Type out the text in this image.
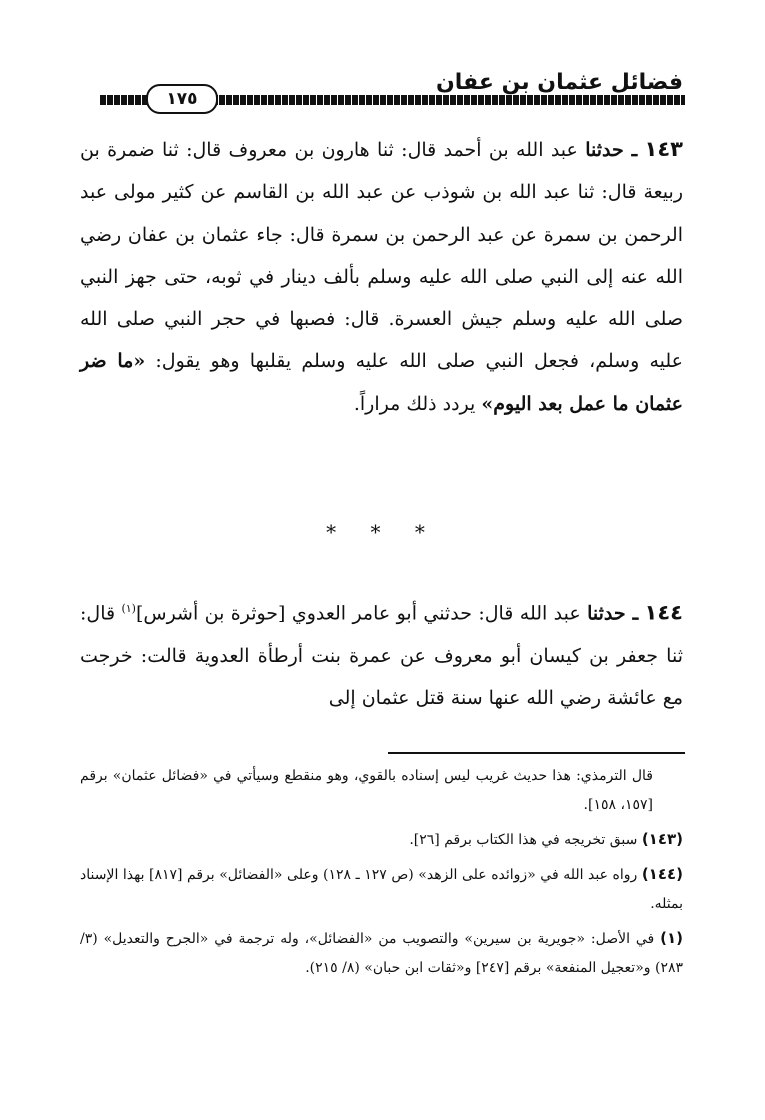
فضائل عثمان بن عفان
١٧٥
١٤٣ ـ حدثنا عبد الله بن أحمد قال: ثنا هارون بن معروف قال: ثنا ضمرة بن ربيعة قال: ثنا عبد الله بن شوذب عن عبد الله بن القاسم عن كثير مولى عبد الرحمن بن سمرة عن عبد الرحمن بن سمرة قال: جاء عثمان بن عفان رضي الله عنه إلى النبي صلى الله عليه وسلم بألف دينار في ثوبه، حتى جهز النبي صلى الله عليه وسلم جيش العسرة. قال: فصبها في حجر النبي صلى الله عليه وسلم، فجعل النبي صلى الله عليه وسلم يقلبها وهو يقول: «ما ضر عثمان ما عمل بعد اليوم» يردد ذلك مراراً.
* * *
١٤٤ ـ حدثنا عبد الله قال: حدثني أبو عامر العدوي [حوثرة بن أشرس]$^{(١)}$ قال: ثنا جعفر بن كيسان أبو معروف عن عمرة بنت أرطأة العدوية قالت: خرجت مع عائشة رضي الله عنها سنة قتل عثمان إلى
قال الترمذي: هذا حديث غريب ليس إسناده بالقوي، وهو منقطع وسيأتي في «فضائل عثمان» برقم [١٥٧، ١٥٨].
(١٤٣) سبق تخريجه في هذا الكتاب برقم [٢٦].
(١٤٤) رواه عبد الله في «زوائده على الزهد» (ص ١٢٧ ـ ١٢٨) وعلى «الفضائل» برقم [٨١٧] بهذا الإسناد بمثله.
(١) في الأصل: «جويرية بن سيرين» والتصويب من «الفضائل»، وله ترجمة في «الجرح والتعديل» (٣/ ٢٨٣) و«تعجيل المنفعة» برقم [٢٤٧] و«ثقات ابن حبان» (٨/ ٢١٥).
